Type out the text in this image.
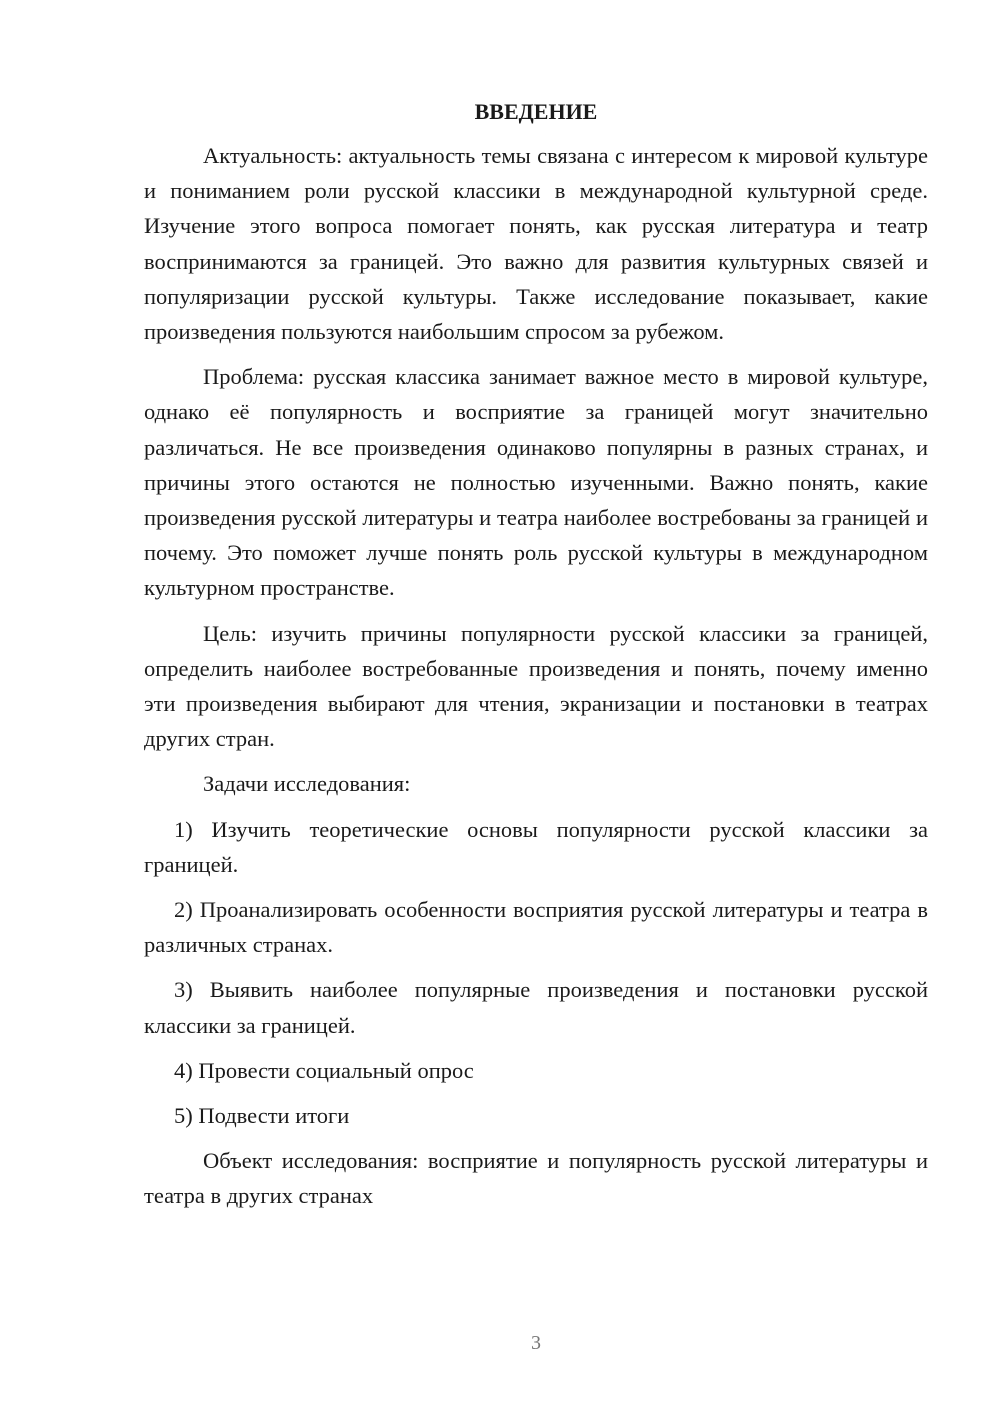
ВВЕДЕНИЕ

Актуальность: актуальность темы связана с интересом к мировой культуре и пониманием роли русской классики в международной культурной среде. Изучение этого вопроса помогает понять, как русская литература и театр воспринимаются за границей. Это важно для развития культурных связей и популяризации русской культуры. Также исследование показывает, какие произведения пользуются наибольшим спросом за рубежом.

Проблема: русская классика занимает важное место в мировой культуре, однако её популярность и восприятие за границей могут значительно различаться. Не все произведения одинаково популярны в разных странах, и причины этого остаются не полностью изученными. Важно понять, какие произведения русской литературы и театра наиболее востребованы за границей и почему. Это поможет лучше понять роль русской культуры в международном культурном пространстве.

Цель: изучить причины популярности русской классики за границей, определить наиболее востребованные произведения и понять, почему именно эти произведения выбирают для чтения, экранизации и постановки в театрах других стран.

Задачи исследования:

1) Изучить теоретические основы популярности русской классики за границей.

2) Проанализировать особенности восприятия русской литературы и театра в различных странах.

3) Выявить наиболее популярные произведения и постановки русской классики за границей.

4) Провести социальный опрос

5) Подвести итоги

Объект исследования: восприятие и популярность русской литературы и театра в других странах

3
